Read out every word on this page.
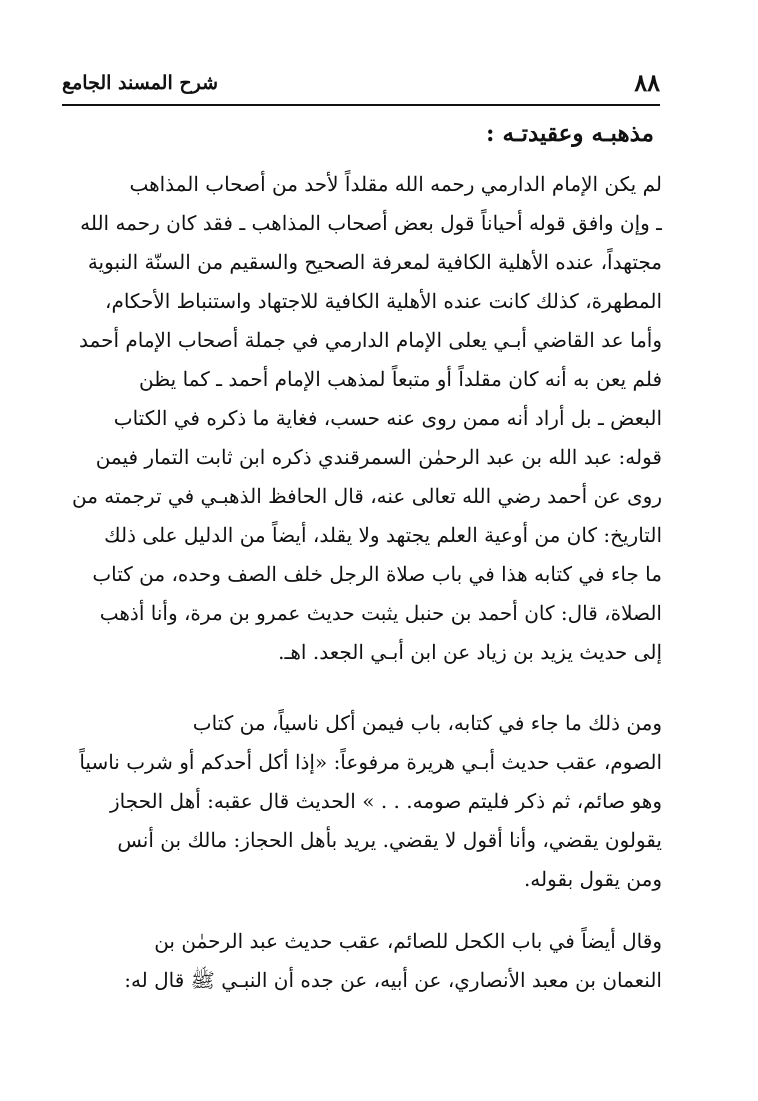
شرح المسند الجامع	٨٨
مذهبـه وعقيدتـه :
لم يكن الإمام الدارمي رحمه الله مقلداً لأحد من أصحاب المذاهب
ـ وإن وافق قوله أحياناً قول بعض أصحاب المذاهب ـ فقد كان رحمه الله
مجتهداً، عنده الأهلية الكافية لمعرفة الصحيح والسقيم من السنّة النبوية
المطهرة، كذلك كانت عنده الأهلية الكافية للاجتهاد واستنباط الأحكام،
وأما عد القاضي أبـي يعلى الإمام الدارمي في جملة أصحاب الإمام أحمد
فلم يعن به أنه كان مقلداً أو متبعاً لمذهب الإمام أحمد ـ كما يظن
البعض ـ بل أراد أنه ممن روى عنه حسب، فغاية ما ذكره في الكتاب
قوله: عبد الله بن عبد الرحمٰن السمرقندي ذكره ابن ثابت التمار فيمن
روى عن أحمد رضي الله تعالى عنه، قال الحافظ الذهبـي في ترجمته من
التاريخ: كان من أوعية العلم يجتهد ولا يقلد، أيضاً من الدليل على ذلك
ما جاء في كتابه هذا في باب صلاة الرجل خلف الصف وحده، من كتاب
الصلاة، قال: كان أحمد بن حنبل يثبت حديث عمرو بن مرة، وأنا أذهب
إلى حديث يزيد بن زياد عن ابن أبـي الجعد. اهـ.
ومن ذلك ما جاء في كتابه، باب فيمن أكل ناسياً، من كتاب
الصوم، عقب حديث أبـي هريرة مرفوعاً: «إذا أكل أحدكم أو شرب ناسياً
وهو صائم، ثم ذكر فليتم صومه. . . » الحديث قال عقبه: أهل الحجاز
يقولون يقضي، وأنا أقول لا يقضي. يريد بأهل الحجاز: مالك بن أنس
ومن يقول بقوله.
وقال أيضاً في باب الكحل للصائم، عقب حديث عبد الرحمٰن بن
النعمان بن معبد الأنصاري، عن أبيه، عن جده أن النبـي ﷺ قال له:
